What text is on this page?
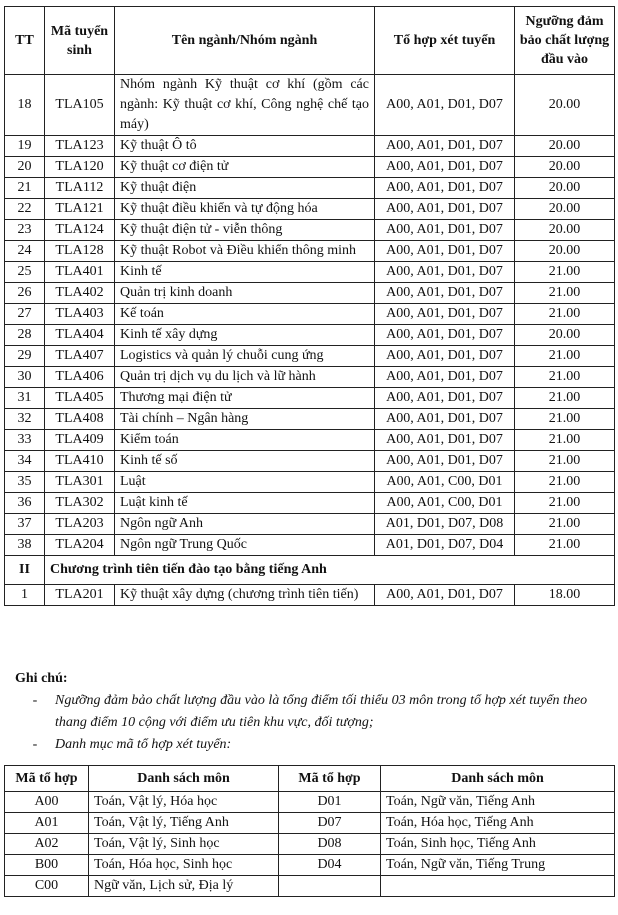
TT	Mã tuyển sinh	Tên ngành/Nhóm ngành	Tổ hợp xét tuyển	Ngưỡng đảm bảo chất lượng đầu vào
18	TLA105	Nhóm ngành Kỹ thuật cơ khí (gồm các ngành: Kỹ thuật cơ khí, Công nghệ chế tạo máy)	A00, A01, D01, D07	20.00
19	TLA123	Kỹ thuật Ô tô	A00, A01, D01, D07	20.00
20	TLA120	Kỹ thuật cơ điện tử	A00, A01, D01, D07	20.00
21	TLA112	Kỹ thuật điện	A00, A01, D01, D07	20.00
22	TLA121	Kỹ thuật điều khiển và tự động hóa	A00, A01, D01, D07	20.00
23	TLA124	Kỹ thuật điện tử - viễn thông	A00, A01, D01, D07	20.00
24	TLA128	Kỹ thuật Robot và Điều khiển thông minh	A00, A01, D01, D07	20.00
25	TLA401	Kinh tế	A00, A01, D01, D07	21.00
26	TLA402	Quản trị kinh doanh	A00, A01, D01, D07	21.00
27	TLA403	Kế toán	A00, A01, D01, D07	21.00
28	TLA404	Kinh tế xây dựng	A00, A01, D01, D07	20.00
29	TLA407	Logistics và quản lý chuỗi cung ứng	A00, A01, D01, D07	21.00
30	TLA406	Quản trị dịch vụ du lịch và lữ hành	A00, A01, D01, D07	21.00
31	TLA405	Thương mại điện tử	A00, A01, D01, D07	21.00
32	TLA408	Tài chính – Ngân hàng	A00, A01, D01, D07	21.00
33	TLA409	Kiểm toán	A00, A01, D01, D07	21.00
34	TLA410	Kinh tế số	A00, A01, D01, D07	21.00
35	TLA301	Luật	A00, A01, C00, D01	21.00
36	TLA302	Luật kinh tế	A00, A01, C00, D01	21.00
37	TLA203	Ngôn ngữ Anh	A01, D01, D07, D08	21.00
38	TLA204	Ngôn ngữ Trung Quốc	A01, D01, D07, D04	21.00
II	Chương trình tiên tiến đào tạo bằng tiếng Anh			
1	TLA201	Kỹ thuật xây dựng (chương trình tiên tiến)	A00, A01, D01, D07	18.00
Ghi chú:
-	Ngưỡng đảm bảo chất lượng đầu vào là tổng điểm tối thiểu 03 môn trong tổ hợp xét tuyển theo thang điểm 10 cộng với điểm ưu tiên khu vực, đối tượng;
-	Danh mục mã tổ hợp xét tuyển:
Mã tổ hợp	Danh sách môn	Mã tổ hợp	Danh sách môn
A00	Toán, Vật lý, Hóa học	D01	Toán, Ngữ văn, Tiếng Anh
A01	Toán, Vật lý, Tiếng Anh	D07	Toán, Hóa học, Tiếng Anh
A02	Toán, Vật lý, Sinh học	D08	Toán, Sinh học, Tiếng Anh
B00	Toán, Hóa học, Sinh học	D04	Toán, Ngữ văn, Tiếng Trung
C00	Ngữ văn, Lịch sử, Địa lý		
